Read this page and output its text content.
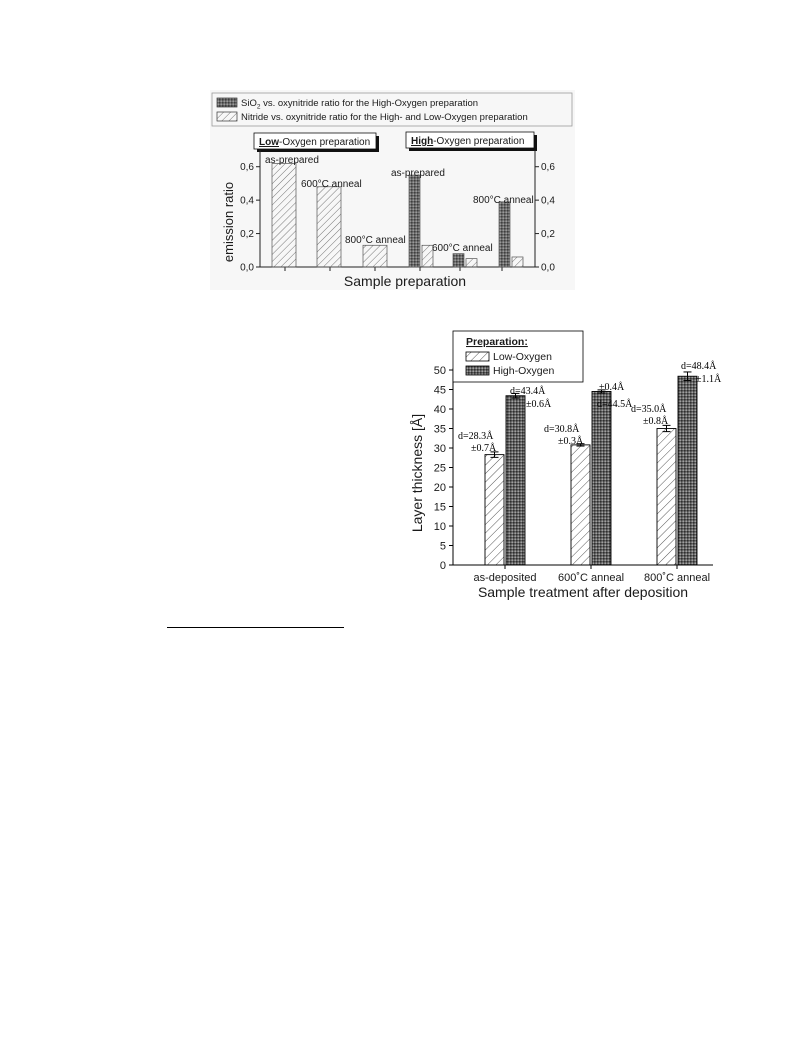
SiO$_2$ vs. oxynitride ratio for the High-Oxygen preparation
Nitride vs. oxynitride ratio for the High- and Low-Oxygen preparation
Low-Oxygen preparation	High-Oxygen preparation
0,0	0,0
0,2	0,2
0,4	0,4
0,6	0,6
as-prepared
600°C anneal
800°C anneal
as-prepared
600°C anneal
800°C anneal
emission ratio
Sample preparation
0
5
10
15
20
25
30
35
40
45
50
as-deposited 600˚C anneal 800˚C anneal
d=28.3Å
±0.7Å
d=30.8Å
±0.3Å
d=35.0Å
±0.8Å
d=43.4Å
±0.6Å	d=44.5Å
±0.4Å
d=48.4Å
±1.1Å
Preparation:
Low-Oxygen
High-Oxygen
Layer thickness [Å]
Sample treatment after deposition
